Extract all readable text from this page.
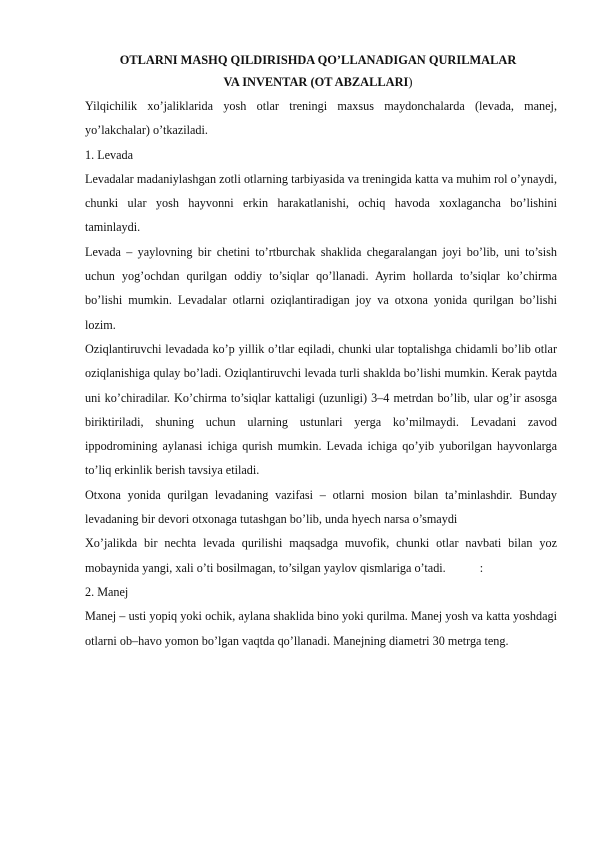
OTLARNI MASHQ QILDIRISHDA QO’LLANADIGAN QURILMALAR
VA INVENTAR (OT ABZALLARI)

Yilqichilik xo’jaliklarida yosh otlar treningi maxsus maydonchalarda (levada, manej, yo’lakchalar) o’tkaziladi.

1. Levada

Levadalar madaniylashgan zotli otlarning tarbiyasida va treningida katta va muhim rol o’ynaydi, chunki ular yosh hayvonni erkin harakatlanishi, ochiq havoda xoxlagancha bo’lishini taminlaydi.

Levada – yaylovning bir chetini to’rtburchak shaklida chegaralangan joyi bo’lib, uni to’sish uchun yog’ochdan qurilgan oddiy to’siqlar qo’llanadi. Ayrim hollarda to’siqlar ko’chirma bo’lishi mumkin. Levadalar otlarni oziqlantiradigan joy va otxona yonida qurilgan bo’lishi lozim.

Oziqlantiruvchi levadada ko’p yillik o’tlar eqiladi, chunki ular toptalishga chidamli bo’lib otlar oziqlanishiga qulay bo’ladi. Oziqlantiruvchi levada turli shaklda bo’lishi mumkin. Kerak paytda uni ko’chiradilar. Ko’chirma to’siqlar kattaligi (uzunligi) 3–4 metrdan bo’lib, ular og’ir asosga biriktiriladi, shuning uchun ularning ustunlari yerga ko’milmaydi. Levadani zavod ippodromining aylanasi ichiga qurish mumkin. Levada ichiga qo’yib yuborilgan hayvonlarga to’liq erkinlik berish tavsiya etiladi.

Otxona yonida qurilgan levadaning vazifasi – otlarni mosion bilan ta’minlashdir. Bunday levadaning bir devori otxonaga tutashgan bo’lib, unda hyech narsa o’smaydi

Xo’jalikda bir nechta levada qurilishi maqsadga muvofik, chunki otlar navbati bilan yoz mobaynida yangi, xali o’ti bosilmagan, to’silgan yaylov qismlariga o’tadi.	:

2. Manej

Manej – usti yopiq yoki ochik, aylana shaklida bino yoki qurilma. Manej yosh va katta yoshdagi otlarni ob–havo yomon bo’lgan vaqtda qo’llanadi. Manejning diametri 30 metrga teng.
